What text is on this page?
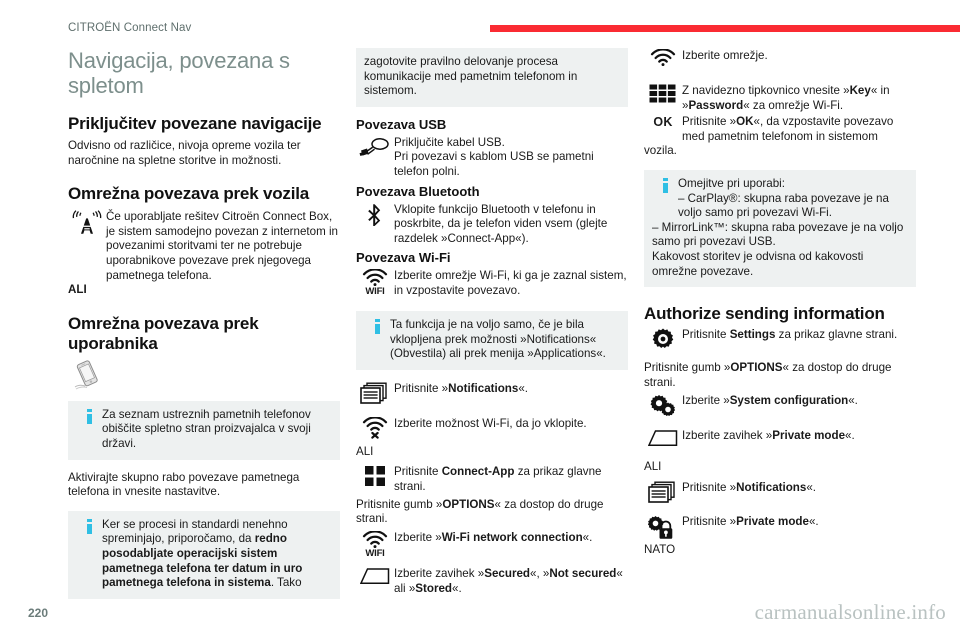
CITROËN Connect Nav
Navigacija, povezana s spletom
Priključitev povezane navigacije

Odvisno od različice, nivoja opreme vozila ter naročnine na spletne storitve in možnosti.

Omrežna povezava prek vozila
Če uporabljate rešitev Citroën Connect Box, je sistem samodejno povezan z internetom in povezanimi storitvami ter ne potrebuje uporabnikove povezave prek njegovega pametnega telefona.

ALI

Omrežna povezava prek uporabnika
Za seznam ustreznih pametnih telefonov obiščite spletno stran proizvajalca v svoji državi.

Aktivirajte skupno rabo povezave pametnega telefona in vnesite nastavitve.

Ker se procesi in standardi nenehno spreminjajo, priporočamo, da redno posodabljate operacijski sistem pametnega telefona ter datum in uro pametnega telefona in sistema. Tako
zagotovite pravilno delovanje procesa komunikacije med pametnim telefonom in sistemom.
Povezava USB
Priključite kabel USB.
Pri povezavi s kablom USB se pametni telefon polni.
Povezava Bluetooth
Vklopite funkcijo Bluetooth v telefonu in poskrbite, da je telefon viden vsem (glejte razdelek »Connect-App«).
Povezava Wi-Fi
WIFI
Izberite omrežje Wi-Fi, ki ga je zaznal sistem, in vzpostavite povezavo.
Ta funkcija je na voljo samo, če je bila vklopljena prek možnosti »Notifications« (Obvestila) ali prek menija »Applications«.
Pritisnite »Notifications«.
Izberite možnost Wi-Fi, da jo vklopite.

ALI

Pritisnite Connect-App za prikaz glavne strani.

Pritisnite gumb »OPTIONS« za dostop do druge strani.

WIFI
Izberite »Wi-Fi network connection«.
Izberite zavihek »Secured«, »Not secured« ali »Stored«.
Izberite omrežje.
Z navidezno tipkovnico vnesite »Key« in »Password« za omrežje Wi-Fi.
OK Pritisnite »OK«, da vzpostavite povezavo med pametnim telefonom in sistemom

vozila.

Omejitve pri uporabi:
– CarPlay®: skupna raba povezave je na voljo samo pri povezavi Wi-Fi.
– MirrorLink™: skupna raba povezave je na voljo samo pri povezavi USB.
Kakovost storitev je odvisna od kakovosti omrežne povezave.
Authorize sending information
Pritisnite Settings za prikaz glavne strani.

Pritisnite gumb »OPTIONS« za dostop do druge strani.

Izberite »System configuration«.
Izberite zavihek »Private mode«.

ALI

Pritisnite »Notifications«.
Pritisnite »Private mode«.

NATO

220	carmanualsonline.info
